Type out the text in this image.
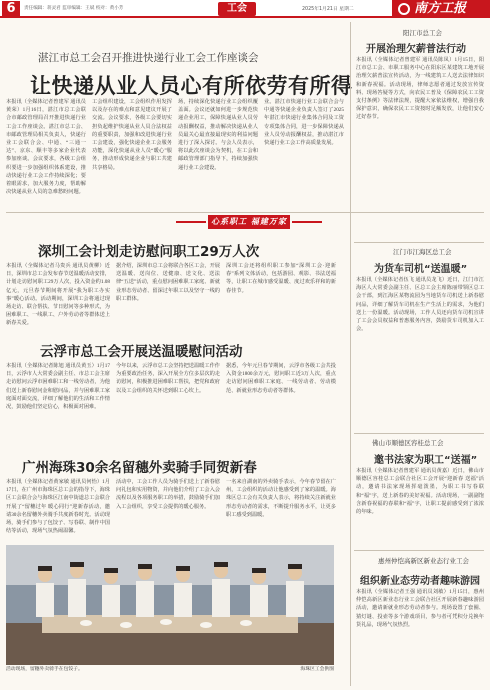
6	责任编辑：蒋灵君 监审编辑：王斌 校对：黄小芳	工会	2025年1月21日 星期二	南方工报
湛江市总工会召开推进快递行业工会工作座谈会
让快递从业人员心有所依劳有所得
本报讯（全媒体记者曾建军 通讯员黄荣）1月16日，湛江市总工会联合市邮政管理局召开推进快递行业工会工作座谈会。湛江市总工会、市邮政管理局相关负责人，快递行业工会联合会、中通、“三通一达”、京东、顺丰等多家企业代表参加座谈。会议要求，各级工会组织要进一步加强组织体系建设，推动快递行业工会工作持续深化；要着眼需求，加大服务力度，帮助解决快递从业人员的急难愁盼问题。
工会组织建设，工会组织作用发挥以及存在的难点和意见建议开展了交流。会议要求，各级工会要切实担负起维护快递从业人员合法权益的重要职责，加强和改进快递行业工会建设，强化快递企业工会服务功能，深化快递从业人员“暖心”服务，推动形成快递企业与职工共建共享格局。
场，持续深化快递行业工会组织覆盖面。会议还就如何进一步规范快递企业用工，保障快递从业人员劳动报酬权益，推动解决快递从业人员最关心最直接最现实的利益问题进行了深入探讨。与会人员表示，将以此次座谈会为契机，在工会和邮政管理部门指导下，持续加强快递行业工会建设。
业。湛江市快递行业工会联合会与中通等快递企业负责人签订了2025年湛江市快递行业集体合同及工资专项集体合同，进一步保障快递从业人员劳动报酬权益，推动湛江市快递行业工会工作高质量发展。
阳江市总工会
开展治理欠薪普法行动
本报讯（全媒体记者曾建军 通讯员陈凤）1月15日，阳江市总工会、市职工服务中心在阳东区某建筑工地开展治理欠薪普法宣传活动，为一线建筑工人送去法律知识和新春祝福。活动现场，律师志愿者通过发放宣传资料、现场答疑等方式，向农民工普及《保障农民工工资支付条例》等法律法规，提醒大家依法维权，增强自我保护意识，确保农民工工资按时足额发放，让他们安心过好春节。
心系职工 福建万家
深圳工会计划走访慰问职工29万人次
本报讯（全媒体记者马贵兵 通讯员黄柳）近日，深圳市总工会发布春节送温暖活动安排，计划走访慰问职工29万人次，投入资金约1.08亿元，元旦春节期间将开展“我为职工办实事”暖心活动。活动期间，深圳工会将通过现场走访、联合帮扶、节日慰问等多种形式，为困难职工、一线职工、户外劳动者等群体送上新春关爱。
据介绍，深圳市总工会将联合各区工会，开展送温暖、送岗位、送健康、送文化、送法律“五送”活动，重点慰问困难职工家庭、新就业形态劳动者、留深过年职工以及坚守一线的职工群体。
深圳工会还将组织职工参加“深圳工会·迎新春”系列文体活动，包括游园、观影、书法送福等，让职工在城市感受温暖、度过欢乐祥和的新春佳节。
云浮市总工会开展送温暖慰问活动
本报讯（全媒体记者陈旭 通讯员黄玉）1月17日，云浮市人大常委会副主任、市总工会主席走访慰问云浮市困难职工和一线劳动者，为他们送上新春慰问金和慰问品，并与困难职工家庭面对面交流，详细了解他们的生活和工作情况，鼓励他们坚定信心，积极面对困难。
今年以来，云浮市总工会坚持把送温暖工作作为重要政治任务，深入开展全方位多层次的走访慰问，积极推进困难职工帮扶，把党和政府以及工会组织的关怀送到职工心坎上。
据悉，今年元旦春节期间，云浮市各级工会共投入资金1800余万元，慰问职工近3万人次，重点走访慰问困难职工家庭、一线劳动者、劳动模范、新就业形态劳动者等群体。
广州海珠30余名留穗外卖骑手同贺新春
本报讯（全媒体记者黄家敏 通讯员何怡）1月17日，在广州市海珠区总工会的指导下，海珠区工会联合会与海珠区江南中街道总工会联合开展了“留穗过年 暖心同行”迎新春活动，邀请30余名留穗外卖骑手共度新春时光。活动现场，骑手们参与了包饺子、写春联、制作中国结等活动，现场气氛热闹温馨。
活动中，工会工作人员为骑手们送上了新春慰问礼包和实用物资，并向他们介绍了工会入会流程以及各项服务职工的举措，鼓励骑手们加入工会组织，享受工会提供的暖心服务。
一名来自湖南的外卖骑手表示，今年春节留在广州，工会组织的活动让他感受到了家的温暖。海珠区总工会有关负责人表示，将持续关注新就业形态劳动者的需求，不断提升服务水平，让更多职工感受到温暖。
活动现场，留穗外卖骑手在包饺子。	海珠区工会供图
江门市江海区总工会
为货车司机“送温暖”
本报讯（全媒体记者伍飞 通讯员龙飞）近日，江门市江海区人大常委会副主任、区总工会主席陈丽带领区总工会干部，到江海区某物流园为当地货车司机送上新春慰问品，详细了解货车司机在生产生活上的需求，为他们送上一份温暖。活动现场，工作人员还向货车司机宣讲了工会会员权益和普惠服务内容，鼓励货车司机加入工会。
佛山市顺德区容桂总工会
邀书法家为职工“送福”
本报讯（全媒体记者曾建军 通讯员黄嘉）近日，佛山市顺德区容桂总工会联合社区工会开展“迎新春 送福”活动，邀请书法家现场挥毫泼墨，为职工书写春联和“福”字，送上新春的美好祝福。活动现场，一副副饱含新春祝福的春联和“福”字，让职工提前感受到了浓浓的年味。
惠州仲恺高新区新业态行业工会
组织新业态劳动者趣味游园
本报讯（全媒体记者王强 通讯员刘敏）1月15日，惠州仲恺高新区新业态行业工会联合社区开展新春趣味游园活动，邀请新就业形态劳动者参与。现场设置了套圈、猜灯谜、投壶等多个游戏项目，参与者可凭积分兑换年货礼品，现场气氛热烈。
